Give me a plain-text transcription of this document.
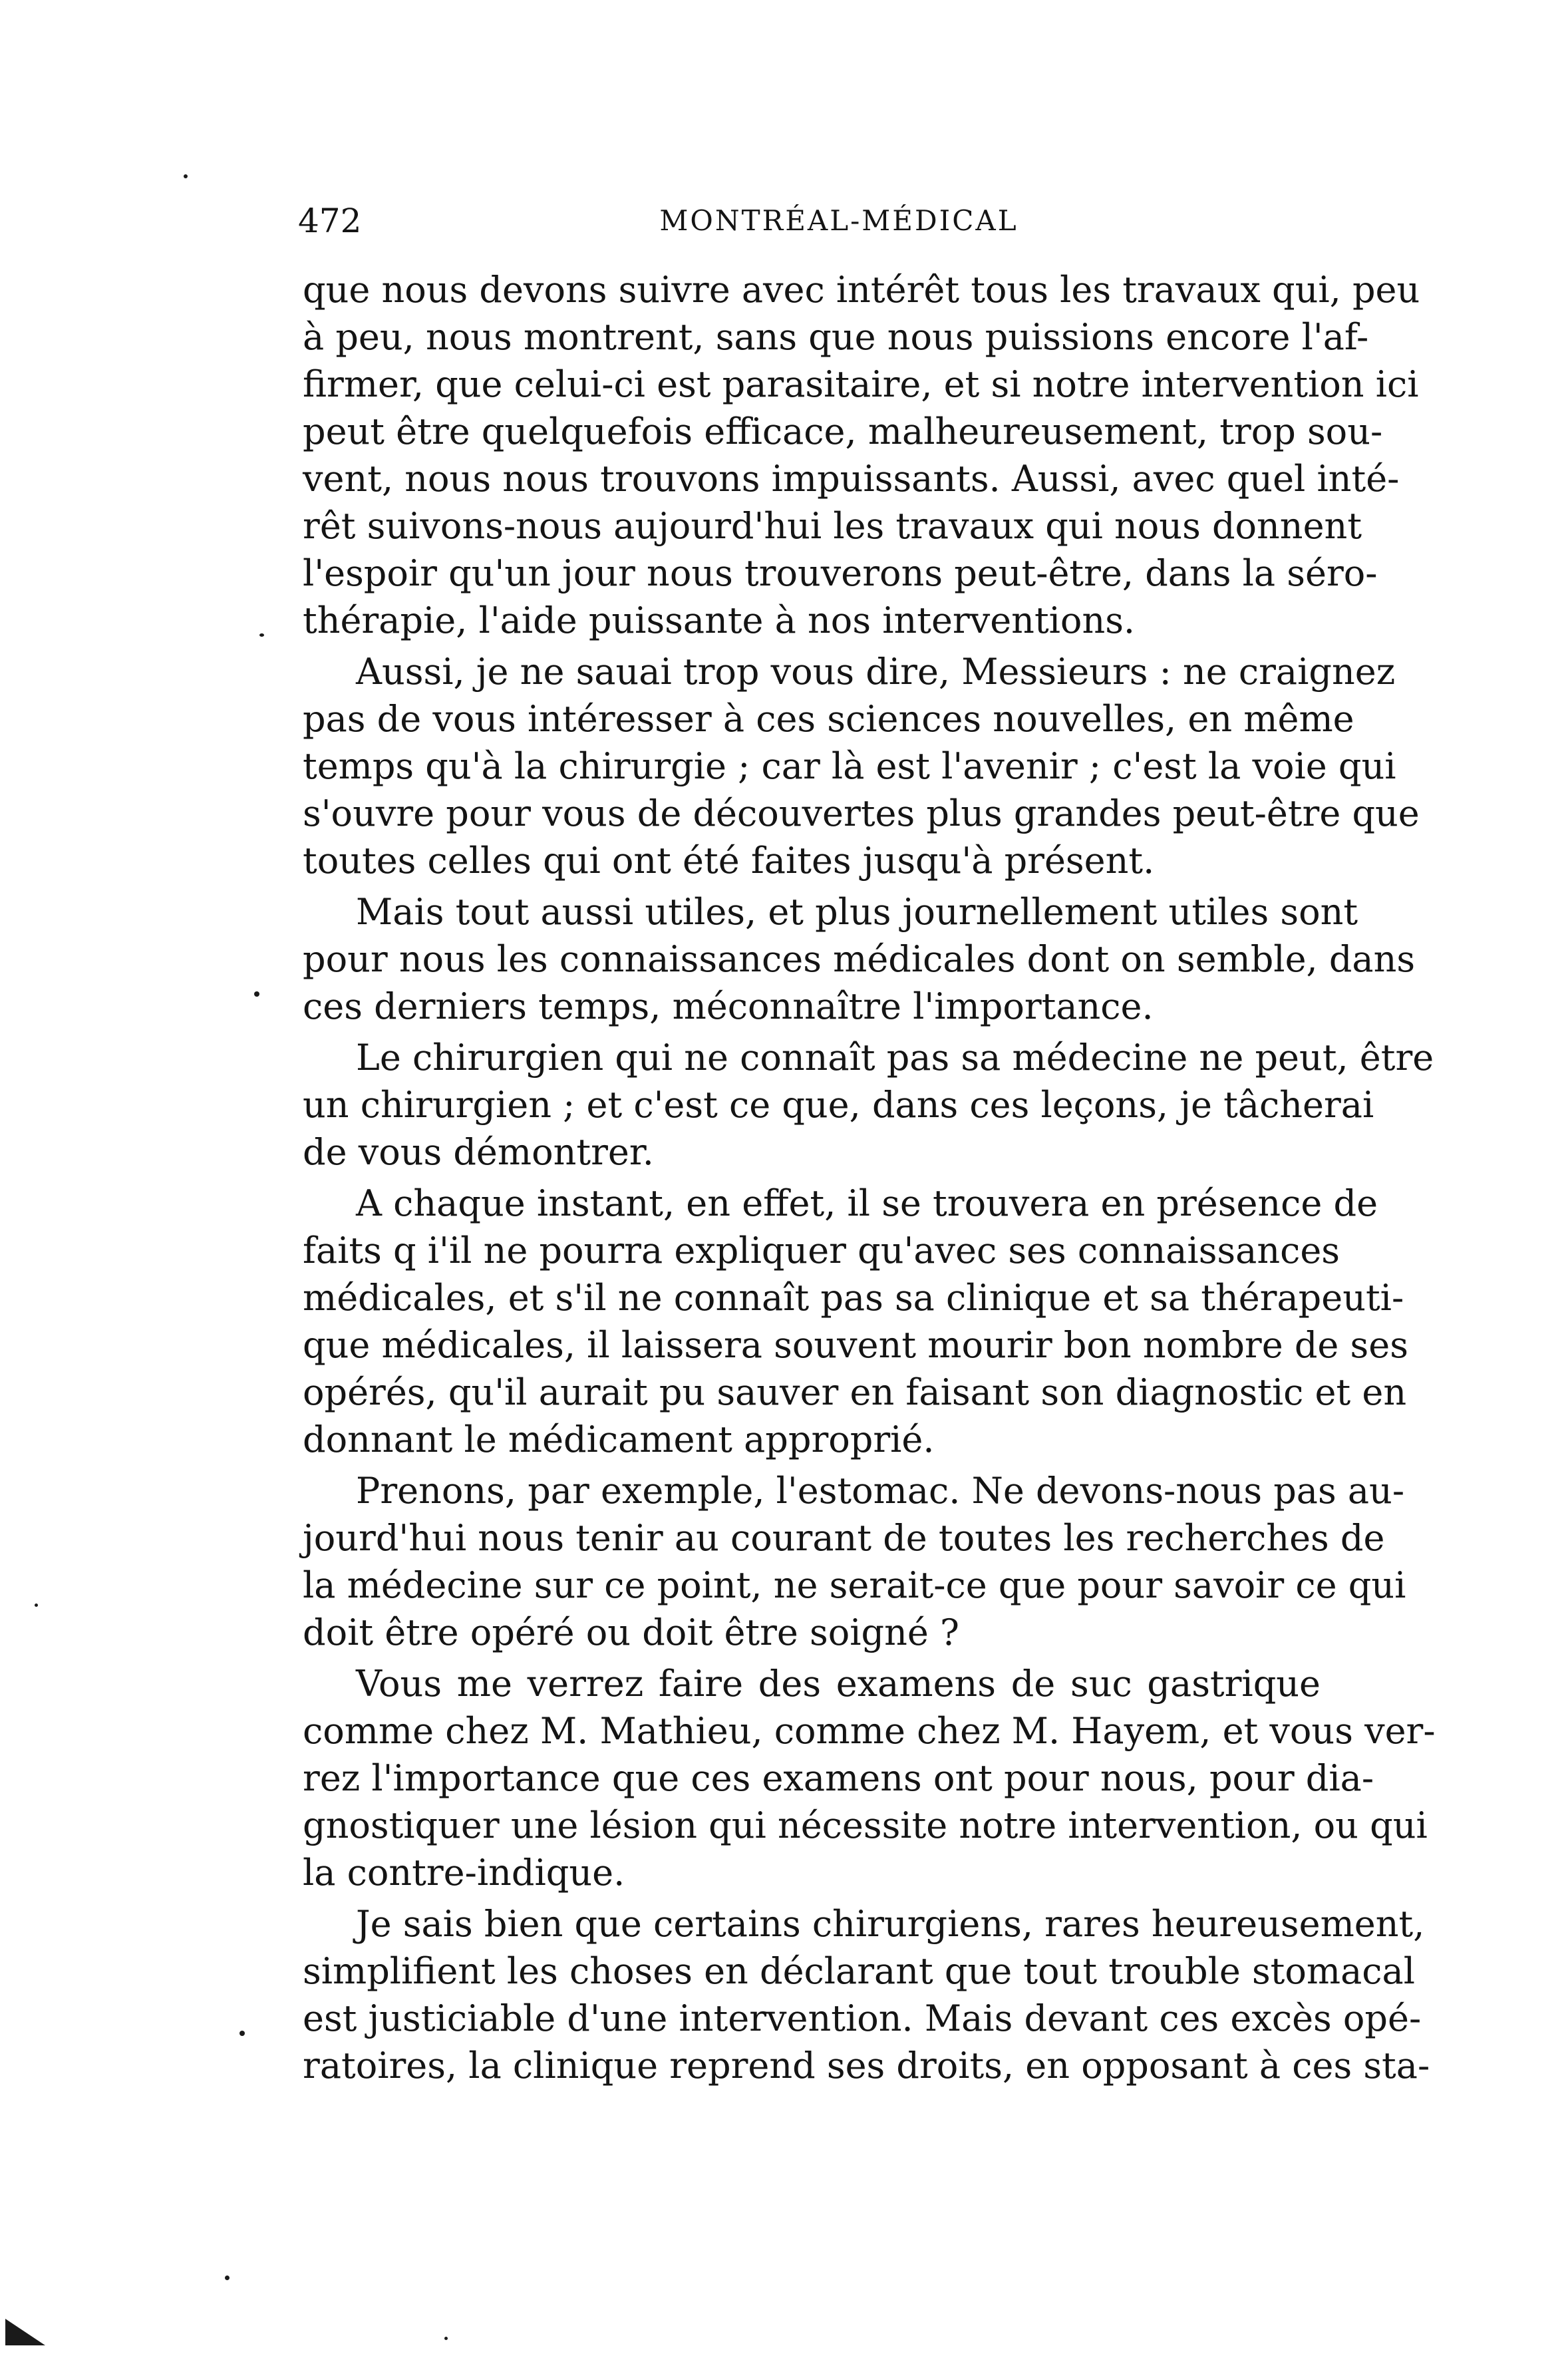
472	MONTRÉAL-MÉDICAL

que nous devons suivre avec intérêt tous les travaux qui, peu
à peu, nous montrent, sans que nous puissions encore l'af-
firmer, que celui-ci est parasitaire, et si notre intervention ici
peut être quelquefois efficace, malheureusement, trop sou-
vent, nous nous trouvons impuissants. Aussi, avec quel inté-
rêt suivons-nous aujourd'hui les travaux qui nous donnent
l'espoir qu'un jour nous trouverons peut-être, dans la séro-
thérapie, l'aide puissante à nos interventions.

Aussi, je ne sauai trop vous dire, Messieurs : ne craignez
pas de vous intéresser à ces sciences nouvelles, en même
temps qu'à la chirurgie ; car là est l'avenir ; c'est la voie qui
s'ouvre pour vous de découvertes plus grandes peut-être que
toutes celles qui ont été faites jusqu'à présent.

Mais tout aussi utiles, et plus journellement utiles sont
pour nous les connaissances médicales dont on semble, dans
ces derniers temps, méconnaître l'importance.

Le chirurgien qui ne connaît pas sa médecine ne peut, être
un chirurgien ; et c'est ce que, dans ces leçons, je tâcherai
de vous démontrer.

A chaque instant, en effet, il se trouvera en présence de
faits q i'il ne pourra expliquer qu'avec ses connaissances
médicales, et s'il ne connaît pas sa clinique et sa thérapeuti-
que médicales, il laissera souvent mourir bon nombre de ses
opérés, qu'il aurait pu sauver en faisant son diagnostic et en
donnant le médicament approprié.

Prenons, par exemple, l'estomac. Ne devons-nous pas au-
jourd'hui nous tenir au courant de toutes les recherches de
la médecine sur ce point, ne serait-ce que pour savoir ce qui
doit être opéré ou doit être soigné ?

Vous me verrez faire des examens de suc gastrique
comme chez M. Mathieu, comme chez M. Hayem, et vous ver-
rez l'importance que ces examens ont pour nous, pour dia-
gnostiquer une lésion qui nécessite notre intervention, ou qui
la contre-indique.

Je sais bien que certains chirurgiens, rares heureusement,
simplifient les choses en déclarant que tout trouble stomacal
est justiciable d'une intervention. Mais devant ces excès opé-
ratoires, la clinique reprend ses droits, en opposant à ces sta-
